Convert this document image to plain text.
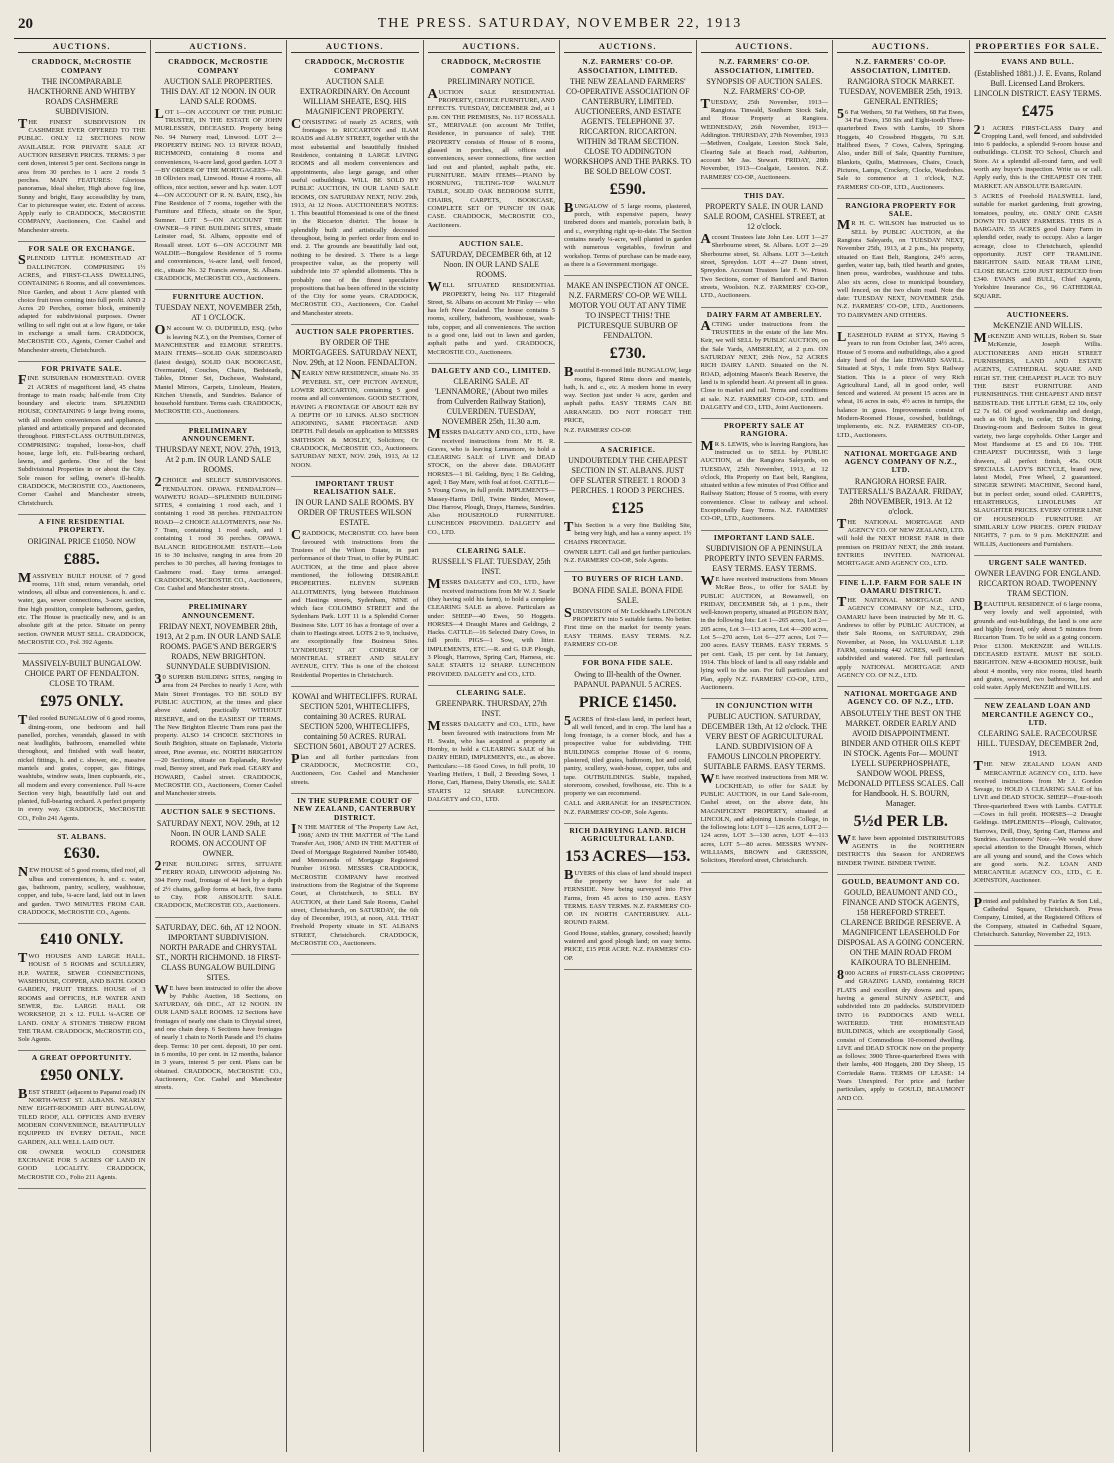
20	THE PRESS. SATURDAY, NOVEMBER 22, 1913
AUCTIONS.
CRADDOCK, McCROSTIE COMPANY
THE INCOMPARABLE HACKTHORNE AND WHITBY ROADS CASHMERE SUBDIVISION.

THE FINEST SUBDIVISION IN CASHMERE EVER OFFERED TO THE PUBLIC. ONLY 12 SECTIONS NOW AVAILABLE. FOR PRIVATE SALE AT AUCTION RESERVE PRICES. TERMS: 3 per cent down, interest 5 per cent. Sections range in area from 30 perches to 1 acre 2 roods 5 perches. MAIN FEATURES: Glorious panoramas, Ideal shelter, High above fog line, Sunny and bright, Easy accessibility by tram, Car to picturesque water, etc. Extent of access. Apply early to CRADDOCK, McCROSTIE COMPANY, Auctioneers, Cor. Cashel and Manchester streets.

FOR SALE OR EXCHANGE.

SPLENDID LITTLE HOMESTEAD AT DALLINGTON. COMPRISING 1½ ACRES, and FIRST-CLASS DWELLING, CONTAINING 6 Rooms, and all conveniences. Nice Garden, and about 1 Acre planted with choice fruit trees coming into full profit. AND 2 Acres 20 Perches, corner block, eminently adapted for subdivisional purposes. Owner willing to sell right out at a low figure, or take in exchange a small farm. CRADDOCK, McCROSTIE CO., Agents, Corner Cashel and Manchester streets, Christchurch.

FOR PRIVATE SALE.

FINE SUBURBAN HOMESTEAD. OVER 21 ACRES of magnificent land, 45 chains frontage to main roads; half-mile from City boundary and electric tram. SPLENDID HOUSE, CONTAINING 9 large living rooms, with all modern conveniences and appliances, planted and artistically prepared and decorated throughout. FIRST-CLASS OUTBUILDINGS, COMPRISING: trapshed, loose-box, chaff house, large loft, etc. Full-bearing orchard, lawns, and gardens. One of the best Subdivisional Properties in or about the City. Sole reason for selling, owner's ill-health. CRADDOCK, McCROSTIE CO., Auctioneers, Corner Cashel and Manchester streets, Christchurch.

A FINE RESIDENTIAL PROPERTY.
ORIGINAL PRICE £1050. NOW
£885.

MASSIVELY BUILT HOUSE of 7 good rooms, 11ft stud, return verandah, oriel windows, all ulbus and conveniences, h. and c. water, gas, sewer connections, 3-acre section, fine high position, complete bathroom, garden, etc. The House is practically new, and is an absolute gift at the price. Situate on penny section. OWNER MUST SELL. CRADDOCK, McCROSTIE CO., Fol. 392 Agents.

MASSIVELY-BUILT BUNGALOW. CHOICE PART OF FENDALTON. CLOSE TO TRAM.
£975 ONLY.

Tiled roofed BUNGALOW of 6 good rooms, dining-room, one bedroom and hall panelled, porches, verandah, glassed in with neat leadlights, bathroom, enamelled white throughout, and finished with wall heater, nickel fittings, h. and c. shower, etc., massive mantels and grates, copper, gas fittings, washtubs, window seats, linen cupboards, etc., all modern and every convenience. Full ¼-acre Section very high, beautifully laid out and planted, full-bearing orchard. A perfect property in every way. CRADDOCK, McCROSTIE CO., Folio 241 Agents.

ST. ALBANS.
£630.

NEW HOUSE of 5 good rooms, tiled roof, all ulbus and conveniences, h. and c. water, gas, bathroom, pantry, scullery, washhouse, copper, and tubs, ¼-acre land, laid out in lawn and garden. TWO MINUTES FROM CAR. CRADDOCK, McCROSTIE CO., Agents.

£410 ONLY.

TWO HOUSES AND LARGE HALL. HOUSE of 5 ROOMS and SCULLERY, H.P. WATER, SEWER CONNECTIONS, WASHHOUSE, COPPER, AND BATH. GOOD GARDEN, FRUIT TREES. HOUSE of 3 ROOMS and OFFICES, H.P. WATER AND SEWER, Etc. LARGE HALL OR WORKSHOP, 21 x 12. FULL ¼-ACRE OF LAND. ONLY A STONE'S THROW FROM THE TRAM. CRADDOCK, McCROSTIE CO., Sole Agents.

A GREAT OPPORTUNITY.
£950 ONLY.

BEST STREET (adjacent to Papanui road) IN NORTH-WEST ST. ALBANS. NEARLY NEW EIGHT-ROOMED ART BUNGALOW, TILED ROOF, ALL OFFICES AND EVERY MODERN CONVENIENCE, BEAUTIFULLY EQUIPPED IN EVERY DETAIL, NICE GARDEN, ALL WELL LAID OUT.

OR OWNER WOULD CONSIDER EXCHANGE FOR 5 ACRES OF LAND IN GOOD LOCALITY. CRADDOCK, McCROSTIE CO., Folio 211 Agents.

AUCTIONS.
CRADDOCK, McCROSTIE COMPANY
AUCTION SALE PROPERTIES. THIS DAY. AT 12 NOON. IN OUR LAND SALE ROOMS.

LOT 1—ON ACCOUNT OF THE PUBLIC TRUSTEE, IN THE ESTATE OF JOHN MURLESSEN, DECEASED. Property being No. 94 Nursery road, Linwood. LOT 2—PROPERTY BEING NO. 13 RIVER ROAD, RICHMOND, containing 8 rooms and conveniences, ¼-acre land, good garden. LOT 3—BY ORDER OF THE MORTGAGEES—No. 18 Olliviers road, Linwood. House 4 rooms, all offices, nice section, sewer and h.p. water. LOT 4—ON ACCOUNT OF R. N. BAIN, ESQ., his Fine Residence of 7 rooms, together with the Furniture and Effects, situate on the Spur, Sumner. LOT 5—ON ACCOUNT THE OWNER—9 FINE BUILDING SITES, situate Leinster road, St. Albans, opposite end of Rossall street. LOT 6—ON ACCOUNT MR WALDIE—Bungalow Residence of 5 rooms and conveniences, ¼-acre land, well fenced, etc., situate No. 32 Francis avenue, St. Albans. CRADDOCK, McCROSTIE CO., Auctioneers.

FURNITURE AUCTION.
TUESDAY NEXT, NOVEMBER 25th, AT 1 O'CLOCK.

ON account W. O. DUDFIELD, ESQ. (who is leaving N.Z.), on the Premises, Corner of MANCHESTER and ELMORE STREETS. MAIN ITEMS—SOLID OAK SIDEBOARD (latest design), SOLID OAK BOOKCASE, Overmantel, Couches, Chairs, Bedsteads, Tables, Dinner Set, Duchesse, Washstand, Mantel Mirrors, Carpets, Linoleum, Heaters, Kitchen Utensils, and Sundries. Balance of household furniture. Terms cash. CRADDOCK, McCROSTIE CO., Auctioneers.

PRELIMINARY ANNOUNCEMENT.
THURSDAY NEXT, NOV. 27th, 1913, At 2 p.m. IN OUR LAND SALE ROOMS.

2CHOICE and SELECT SUBDIVISIONS. FENDALTON. OPAWA. FENDALTON—WAIWETU ROAD—SPLENDID BUILDING SITES, 4 containing 1 rood each, and 1 containing 1 rood 38 perches. FENDALTON ROAD—2 CHOICE ALLOTMENTS, near No. 7 Tram, containing 1 rood each, and 1 containing 1 rood 36 perches. OPAWA. BALANCE RIDGEHOLME ESTATE—Lots 16 to 30 inclusive, ranging in area from 20 perches to 30 perches, all having frontages to Cashmere road. Easy terms arranged. CRADDOCK, McCROSTIE CO., Auctioneers, Cor. Cashel and Manchester streets.

PRELIMINARY ANNOUNCEMENT.
FRIDAY NEXT, NOVEMBER 28th, 1913, At 2 p.m. IN OUR LAND SALE ROOMS. PAGE'S AND BERGER'S ROADS, NEW BRIGHTON. SUNNYDALE SUBDIVISION.

30 SUPERB BUILDING SITES, ranging in area from 24 Perches to nearly 1 Acre, with Main Street Frontages. TO BE SOLD BY PUBLIC AUCTION, at the times and place above stated, practically WITHOUT RESERVE, and on the EASIEST OF TERMS. The New Brighton Electric Tram runs past the property. ALSO 14 CHOICE SECTIONS in South Brighton, situate on Esplanade, Victoria street, Pine avenue, etc. NORTH BRIGHTON—20 Sections, situate on Esplanade, Rowley road, Beresy street, and Park road. GEARY and HOWARD, Cashel street. CRADDOCK, McCROSTIE CO., Auctioneers, Corner Cashel and Manchester streets.

AUCTION SALE 9 SECTIONS.
SATURDAY NEXT, NOV. 29th, at 12 Noon. IN OUR LAND SALE ROOMS. ON ACCOUNT OF OWNER.

2FINE BUILDING SITES, SITUATE FERRY ROAD, LINWOOD adjoining No. 394 Ferry road, frontage of 44 feet by a depth of 2½ chains, gallop forms at back, five trams to City. FOR ABSOLUTE SALE. CRADDOCK, McCROSTIE CO., Auctioneers.

SATURDAY, DEC. 6th, AT 12 NOON. IMPORTANT SUBDIVISION. NORTH PARADE and CHRYSTAL ST., NORTH RICHMOND. 18 FIRST-CLASS BUNGALOW BUILDING SITES.

WE have been instructed to offer the above by Public Auction, 18 Sections, on SATURDAY, 6th DEC., AT 12 NOON. IN OUR LAND SALE ROOMS. 12 Sections have frontages of nearly one chain to Chrystal street, and one chain deep. 6 Sections have frontages of nearly 1 chain to North Parade and 1½ chains deep. Terms: 10 per cent. deposit, 10 per cent. in 6 months, 10 per cent. in 12 months, balance in 3 years, interest 5 per cent. Plans can be obtained. CRADDOCK, McCROSTIE CO., Auctioneers, Cor. Cashel and Manchester streets.

AUCTIONS.
CRADDOCK, McCROSTIE COMPANY
AUCTION SALE EXTRAORDINARY. On Account WILLIAM SHEATE, ESQ. HIS MAGNIFICENT PROPERTY.

CONSISTING of nearly 25 ACRES, with frontages to RICCARTON and ILAM ROADS and ALBY STREET, together with the most substantial and beautifully finished Residence, containing 8 LARGE LIVING ROOMS and all modern conveniences and appointments, also large garage, and other useful outbuildings. WILL BE SOLD BY PUBLIC AUCTION, IN OUR LAND SALE ROOMS, ON SATURDAY NEXT, NOV. 29th, 1913, At 12 Noon. AUCTIONEER'S NOTES: 1. This beautiful Homestead is one of the finest in the Riccarton district. The house is splendidly built and artistically decorated throughout, being in perfect order from end to end. 2. The grounds are beautifully laid out, nothing to be desired. 3. There is a large prospective value, as the property will subdivide into 37 splendid allotments. This is probably one of the finest speculative propositions that has been offered in the vicinity of the City for some years. CRADDOCK, McCROSTIE CO., Auctioneers, Cor. Cashel and Manchester streets.

AUCTION SALE PROPERTIES.
BY ORDER OF THE MORTGAGEES. SATURDAY NEXT, Nov. 29th, at 12 Noon. FENDALTON.

NEARLY NEW RESIDENCE, situate No. 35 PEVEREL ST., OFF PICTON AVENUE, LOWER RICCARTON, containing 5 good rooms and all conveniences. GOOD SECTION, HAVING A FRONTAGE OF ABOUT 82ft BY A DEPTH OF 10 LINKS. ALSO SECTION ADJOINING, SAME FRONTAGE AND DEPTH. Full details on application to MESSRS SMITHSON & MOSLEY, Solicitors; Or CRADDOCK, McCROSTIE CO., Auctioneers. SATURDAY NEXT, NOV. 29th, 1913, At 12 NOON.

IMPORTANT TRUST REALISATION SALE.
IN OUR LAND SALE ROOMS. BY ORDER OF TRUSTEES WILSON ESTATE.

CRADDOCK, McCROSTIE CO. have been favoured with instructions from the Trustees of the Wilson Estate, in part performance of their Trust, to offer by PUBLIC AUCTION, at the time and place above mentioned, the following DESIRABLE PROPERTIES. ELEVEN SUPERB ALLOTMENTS, lying between Hutchinson and Hastings streets, Sydenham, NINE of which face COLOMBO STREET and the Sydenham Park. LOT 11 is a Splendid Corner Business Site. LOT 16 has a frontage of over a chain to Hastings street. LOTS 2 to 9, inclusive, are exceptionally fine Business Sites. 'LYNDHURST,' AT CORNER OF MONTREAL STREET AND SEALEY AVENUE, CITY. This is one of the choicest Residential Properties in Christchurch.

KOWAI and WHITECLIFFS. RURAL SECTION 5201, WHITECLIFFS, containing 30 ACRES. RURAL SECTION 5200, WHITECLIFFS, containing 50 ACRES. RURAL SECTION 5601, ABOUT 27 ACRES.

Plan and all further particulars from CRADDOCK, McCROSTIE CO., Auctioneers, Cor. Cashel and Manchester streets.

IN THE SUPREME COURT OF NEW ZEALAND, CANTERBURY DISTRICT.

IN THE MATTER of 'The Property Law Act, 1908,' AND IN THE MATTER of 'The Land Transfer Act, 1908,' AND IN THE MATTER of Deed of Mortgage Registered Number 105480, and Memoranda of Mortgage Registered Number 161960. MESSRS CRADDOCK, McCROSTIE COMPANY have received instructions from the Registrar of the Supreme Court, at Christchurch, to SELL BY AUCTION, at their Land Sale Rooms, Cashel street, Christchurch, on SATURDAY, the 6th day of December, 1913, at noon, ALL THAT Freehold Property situate in ST. ALBANS STREET, Christchurch. CRADDOCK, McCROSTIE CO., Auctioneers.

AUCTIONS.
CRADDOCK, McCROSTIE COMPANY
PRELIMINARY NOTICE.

AUCTION SALE RESIDENTIAL PROPERTY, CHOICE FURNITURE, AND EFFECTS. TUESDAY, DECEMBER 2nd, at 1 p.m. ON THE PREMISES, No. 117 ROSSALL ST., MERIVALE (on account Mr Triffet, Residence, in pursuance of sale). THE PROPERTY consists of House of 8 rooms, glassed in porches, all offices and conveniences, sewer connections, fine section laid out and planted, asphalt paths, etc. FURNITURE. MAIN ITEMS—PIANO by HORNUNG, TILTING-TOP WALNUT TABLE, SOLID OAK BEDROOM SUITE, CHAIRS, CARPETS, BOOKCASE, COMPLETE SET OF 'PUNCH' IN OAK CASE. CRADDOCK, McCROSTIE CO., Auctioneers.

AUCTION SALE.
SATURDAY, DECEMBER 6th, at 12 Noon. IN OUR LAND SALE ROOMS.

WELL SITUATED RESIDENTIAL PROPERTY, being No. 117 Fitzgerald Street, St. Albans on account Mr Finlay — who has left New Zealand. The house contains 5 rooms, scullery, bathroom, washhouse, wash-tubs, copper, and all conveniences. The section is a good one, laid out in lawn and garden, asphalt paths and yard. CRADDOCK, McCROSTIE CO., Auctioneers.

DALGETY AND CO., LIMITED.
CLEARING SALE. AT 'LENNAMORE,' (About two miles from Culverden Railway Station), CULVERDEN. TUESDAY, NOVEMBER 25th, 11.30 a.m.

MESSRS DALGETY AND CO., LTD., have received instructions from Mr H. R. Graves, who is leaving Lennamore, to hold a CLEARING SALE of LIVE and DEAD STOCK, on the above date. DRAUGHT HORSES—1 Bl. Gelding, 8yrs; 1 Br. Gelding, aged; 1 Bay Mare, with foal at foot. CATTLE—5 Young Cows, in full profit. IMPLEMENTS—Massey-Harris Drill, Twine Binder, Mower, Disc Harrow, Plough, Drays, Harness, Sundries. Also HOUSEHOLD FURNITURE. LUNCHEON PROVIDED. DALGETY and CO., LTD.

CLEARING SALE.
RUSSELL'S FLAT. TUESDAY, 25th INST.

MESSRS DALGETY and CO., LTD., have received instructions from Mr W. J. Searle (they having sold his farm), to hold a complete CLEARING SALE as above. Particulars as under: SHEEP—40 Ewes, 50 Hoggets. HORSES—4 Draught Mares and Geldings, 2 Hacks. CATTLE—16 Selected Dairy Cows, in full profit. PIGS—1 Sow, with litter. IMPLEMENTS, ETC.—R. and G. D.P. Plough, 3 Plough, Harrows, Spring Cart, Harness, etc. SALE STARTS 12 SHARP. LUNCHEON PROVIDED. DALGETY and CO., LTD.

CLEARING SALE.
GREENPARK. THURSDAY, 27th INST.

MESSRS DALGETY and CO., LTD., have been favoured with instructions from Mr H. Swain, who has acquired a property at Hornby, to hold a CLEARING SALE of his DAIRY HERD, IMPLEMENTS, etc., as above. Particulars:—18 Good Cows, in full profit, 10 Yearling Heifers, 1 Bull, 2 Breeding Sows, 1 Horse, Cart, Harness, Dairy Utensils, etc. SALE STARTS 12 SHARP. LUNCHEON. DALGETY and CO., LTD.

AUCTIONS.
N.Z. FARMERS' CO-OP. ASSOCIATION, LIMITED.
THE NEW ZEALAND FARMERS' CO-OPERATIVE ASSOCIATION OF CANTERBURY, LIMITED. AUCTIONEERS, AND ESTATE AGENTS. TELEPHONE 37. RICCARTON. RICCARTON. WITHIN 3d TRAM SECTION. CLOSE TO ADDINGTON WORKSHOPS AND THE PARKS. TO BE SOLD BELOW COST.
£590.

BUNGALOW of 5 large rooms, plastered, porch, with expensive papers, heavy timbered doors and mantels, porcelain bath, h and c., everything right up-to-date. The Section contains nearly ¼-acre, well planted in garden with numerous vegetables, fowlrun and workshop. Terms of purchase can be made easy, as there is a Government mortgage.

MAKE AN INSPECTION AT ONCE. N.Z. FARMERS' CO-OP. WE WILL MOTOR YOU OUT AT ANY TIME TO INSPECT THIS! THE PICTURESQUE SUBURB OF FENDALTON.
£730.

Beautiful 8-roomed little BUNGALOW, large rooms, figured Rimu doors and mantels, bath, h. and c., etc. A modern home in every way. Section just under ¼ acre, garden and asphalt paths. EASY TERMS CAN BE ARRANGED. DO NOT FORGET THE PRICE,

N.Z. FARMERS' CO-OP.

A SACRIFICE.
UNDOUBTEDLY THE CHEAPEST SECTION IN ST. ALBANS. JUST OFF SLATER STREET. 1 ROOD 3 PERCHES. 1 ROOD 3 PERCHES.
£125

This Section is a very fine Building Site, being very high, and has a sunny aspect. 1½ CHAINS FRONTAGE.

OWNER LEFT. Call and get further particulars. N.Z. FARMERS' CO-OP., Sole Agents.

TO BUYERS OF RICH LAND.
BONA FIDE SALE. BONA FIDE SALE.

SUBDIVISION of Mr Lockhead's LINCOLN PROPERTY into 5 suitable farms. No better. First time on the market for twenty years. EASY TERMS. EASY TERMS. N.Z. FARMERS' CO-OP.

FOR BONA FIDE SALE.
Owing to Ill-health of the Owner. PAPANUI. PAPANUI. 5 ACRES.
PRICE £1450.

5ACRES of first-class land, in perfect heart, all well fenced, and in crop. The land has a long frontage, is a corner block, and has a prospective value for subdividing. THE BUILDINGS comprise House of 6 rooms, plastered, tiled grates, bathroom, hot and cold, pantry, scullery, wash-house, copper, tubs and tape. OUTBUILDINGS. Stable, trapshed, storeroom, cowshed, fowlhouse, etc. This is a property we can recommend.

CALL and ARRANGE for an INSPECTION. N.Z. FARMERS' CO-OP., Sole Agents.

RICH DAIRYING LAND. RICH AGRICULTURAL LAND.
153 ACRES—153.

BUYERS of this class of land should inspect the property we have for sale at FERNSIDE. Now being surveyed into Five Farms, from 45 acres to 150 acres. EASY TERMS. EASY TERMS. N.Z. FARMERS' CO-OP. IN NORTH CANTERBURY. ALL-ROUND FARM.

Good House, stables, granary, cowshed; heavily watered and good plough land; on easy terms. PRICE, £15 PER ACRE. N.Z. FARMERS' CO-OP.

AUCTIONS.
N.Z. FARMERS' CO-OP. ASSOCIATION, LIMITED.
SYNOPSIS OF AUCTION SALES. N.Z. FARMERS' CO-OP.

TUESDAY, 25th November, 1913—Rangiora. Tinwald, Southern Stock Sale, and House Property at Rangiora. WEDNESDAY, 26th November, 1913—Addington. THURSDAY, 27th November, 1913—Methven, Coalgate, Leeston Stock Sale, Clearing Sale at Beach road, Ashburton, account Mr Jas. Stewart. FRIDAY, 28th November, 1913—Coalgate, Leeston. N.Z. FARMERS' CO-OP., Auctioneers.

THIS DAY.
PROPERTY SALE. IN OUR LAND SALE ROOM, CASHEL STREET, at 12 o'clock.

Account Trustees late John Lee. LOT 1—27 Sherbourne street, St. Albans. LOT 2—29 Sherbourne street, St. Albans. LOT 3—Leitch street, Spreydon. LOT 4—27 Dunn street, Spreydon. Account Trustees late F. W. Priest. Two Sections, corner of Bamford and Barton streets, Woolston. N.Z. FARMERS' CO-OP., LTD., Auctioneers.

DAIRY FARM AT AMBERLEY.

ACTING under instructions from the TRUSTEES in the estate of the late Mrs. Keir, we will SELL by PUBLIC AUCTION, on the Sale Yards, AMBERLEY, at 2 p.m. ON SATURDAY NEXT, 29th Nov., 52 ACRES RICH DAIRY LAND. Situated on the N. ROAD, adjoining Mason's Beach Reserve, the land is in splendid heart. At present all in grass. Close to market and rail. Terms and conditions at sale. N.Z. FARMERS' CO-OP., LTD. and DALGETY and CO., LTD., Joint Auctioneers.

PROPERTY SALE AT RANGIORA.

MR S. LEWIS, who is leaving Rangiora, has instructed us to SELL by PUBLIC AUCTION, at the Rangiora Saleyards, on TUESDAY, 25th November, 1913, at 12 o'clock, His Property on East belt, Rangiora, situated within a few minutes of Post Office and Railway Station; House of 5 rooms, with every convenience. Close to railway and school. Exceptionally Easy Terms. N.Z. FARMERS' CO-OP., LTD., Auctioneers.

IMPORTANT LAND SALE.
SUBDIVISION OF A PENINSULA PROPERTY INTO SEVEN FARMS. EASY TERMS. EASY TERMS.

WE have received instructions from Messrs McRae Bros., to offer for SALE by PUBLIC AUCTION, at Rowanwell, on FRIDAY, DECEMBER 5th, at 1 p.m., their well-known property, situated at PIGEON BAY, in the following lots: Lot 1—265 acres, Lot 2—205 acres, Lot 3—113 acres, Lot 4—200 acres, Lot 5—270 acres, Lot 6—277 acres, Lot 7—200 acres. EASY TERMS. EASY TERMS. 5 per cent. Cash, 15 per cent. by 1st January, 1914. This block of land is all easy ridable and lying well to the sun. For full particulars and Plan, apply N.Z. FARMERS' CO-OP., LTD., Auctioneers.

IN CONJUNCTION WITH
PUBLIC AUCTION. SATURDAY, DECEMBER 13th, At 12 o'clock. THE VERY BEST OF AGRICULTURAL LAND. SUBDIVISION OF A FAMOUS LINCOLN PROPERTY. SUITABLE FARMS. EASY TERMS.

WE have received instructions from MR W. LOCKHEAD, to offer for SALE by PUBLIC AUCTION, in our Land Sale-room, Cashel street, on the above date, his MAGNIFICENT PROPERTY, situated at LINCOLN, and adjoining Lincoln College, in the following lots: LOT 1—126 acres, LOT 2—124 acres, LOT 3—130 acres, LOT 4—113 acres, LOT 5—80 acres. MESSRS WYNN-WILLIAMS, BROWN and GRESSON, Solicitors, Hereford street, Christchurch.

AUCTIONS.
N.Z. FARMERS' CO-OP. ASSOCIATION, LIMITED.
RANGIORA STOCK MARKET. TUESDAY, NOVEMBER 25th, 1913. GENERAL ENTRIES;

56 Fat Wethers, 50 Fat Wethers, 68 Fat Ewes, 34 Fat Ewes, 150 Six and Eight-tooth Three-quarterbred Ewes with Lambs, 19 Shorn Hoggets, 40 Crossbred Hoggets, 70 S.H. Halfbred Ewes, 7 Cows, Calves, Springing. Also, under Bill of Sale, Quantity Furniture, Blankets, Quilts, Mattresses, Chairs, Couch, Pictures, Lamps, Crockery, Clocks, Wardrobes. Sale to commence at 1 o'clock, N.Z. FARMERS' CO-OP., LTD., Auctioneers.

RANGIORA PROPERTY FOR SALE.

MR H. C. WILSON has instructed us to SELL by PUBLIC AUCTION, at the Rangiora Saleyards, on TUESDAY NEXT, November 25th, 1913, at 2 p.m., his property, situated on East Belt, Rangiora, 24½ acres, garden, water tap, bath, tiled hearth and grates, linen press, wardrobes, washhouse and tubs. Also six acres, close to municipal boundary, well fenced, on the two chain road. Note the date: TUESDAY NEXT, NOVEMBER 25th. N.Z. FARMERS' CO-OP., LTD., Auctioneers. TO DAIRYMEN AND OTHERS.

LEASEHOLD FARM at STYX, Having 5 years to run from October last, 34½ acres, House of 5 rooms and outbuildings, also a good dairy herd of the late EDWARD SAVILL. Situated at Styx, 1 mile from Styx Railway Station. This is a piece of very Rich Agricultural Land, all in good order, well fenced and watered. At present 15 acres are in wheat, 16 acres in oats, 4½ acres in turnips, the balance in grass. Improvements consist of Modern-Roomed House, cowshed, buildings, implements, etc. N.Z. FARMERS' CO-OP., LTD., Auctioneers.

NATIONAL MORTGAGE AND AGENCY COMPANY OF N.Z., LTD.
RANGIORA HORSE FAIR. TATTERSALL'S BAZAAR. FRIDAY, 28th NOVEMBER, 1913. At 12 o'clock.

THE NATIONAL MORTGAGE AND AGENCY CO. OF NEW ZEALAND, LTD. will hold the NEXT HORSE FAIR in their premises on FRIDAY NEXT, the 28th instant. ENTRIES INVITED. NATIONAL MORTGAGE AND AGENCY CO., LTD.

FINE L.I.P. FARM FOR SALE IN OAMARU DISTRICT.

THE NATIONAL MORTGAGE AND AGENCY COMPANY OF N.Z., LTD., OAMARU have been instructed by Mr H. G. Andrews to offer by PUBLIC AUCTION, at their Sale Rooms, on SATURDAY, 29th November, at Noon, his VALUABLE L.I.P. FARM, containing 442 ACRES, well fenced, subdivided and watered. For full particulars apply NATIONAL MORTGAGE AND AGENCY CO. OF N.Z., LTD.

NATIONAL MORTGAGE AND AGENCY CO. OF N.Z., LTD.
ABSOLUTELY THE BEST ON THE MARKET. ORDER EARLY AND AVOID DISAPPOINTMENT. BINDER AND OTHER OILS KEPT IN STOCK. Agents For— MOUNT LYELL SUPERPHOSPHATE, SANDOW WOOL PRESS, McDONALD PITLESS SCALES. Call for Handbook. H. S. BOURN, Manager.
5½d PER LB.

WE have been appointed DISTRIBUTORS AGENTS in the NORTHERN DISTRICTS this Season for ANDREWS BINDER TWINE. BINDER TWINE.

GOULD, BEAUMONT AND CO.
GOULD, BEAUMONT AND CO., FINANCE AND STOCK AGENTS, 158 HEREFORD STREET. CLARENCE BRIDGE RESERVE. A MAGNIFICENT LEASEHOLD For DISPOSAL AS A GOING CONCERN. ON THE MAIN ROAD FROM KAIKOURA TO BLENHEIM.

8000 ACRES of FIRST-CLASS CROPPING and GRAZING LAND, containing RICH FLATS and excellent dry downs and spurs, having a general SUNNY ASPECT, and subdivided into 20 paddocks. SUBDIVIDED INTO 16 PADDOCKS AND WELL WATERED. THE HOMESTEAD BUILDINGS, which are exceptionally Good, consist of Commodious 10-roomed dwelling. LIVE and DEAD STOCK now on the property as follows: 3900 Three-quarterbred Ewes with their lambs, 400 Hoggets, 280 Dry Sheep, 15 Corriedale Rams. TERMS OF LEASE: 14 Years Unexpired. For price and further particulars, apply to GOULD, BEAUMONT AND CO.

PROPERTIES FOR SALE.
EVANS AND BULL.
(Established 1881.) J. E. Evans, Roland Bull. Licensed Land Brokers. LINCOLN DISTRICT. EASY TERMS.
£475

21 ACRES FIRST-CLASS Dairy and Cropping Land, well fenced, and subdivided into 6 paddocks, a splendid 9-room house and outbuildings. CLOSE TO School, Church and Store. At a splendid all-round farm, and well worth any buyer's inspection. Write us or call. Apply early, this is the CHEAPEST ON THE MARKET. AN ABSOLUTE BARGAIN.

3 ACRES of Freehold HALSWELL land, suitable for market gardening, fruit growing, tomatoes, poultry, etc. ONLY ONE CASH DOWN TO DAIRY FARMERS. THIS IS A BARGAIN. 55 ACRES good Dairy Farm in splendid order, ready to occupy. Also a larger acreage, close to Christchurch, splendid opportunity. JUST OFF TRAMLINE. BRIGHTON SAID. NEAR TRAM LINE, CLOSE BEACH. £290 JUST REDUCED from £340. EVANS and BULL, Chief Agents, Yorkshire Insurance Co., 96 CATHEDRAL SQUARE.

AUCTIONEERS.
McKENZIE AND WILLIS.

McKENZIE AND WILLIS, Robert St. Stair McKenzie, Joseph Willis. AUCTIONEERS AND HIGH STREET FURNISHERS, LAND AND ESTATE AGENTS, CATHEDRAL SQUARE AND HIGH ST. THE CHEAPEST PLACE TO BUY THE BEST FURNITURE AND FURNISHINGS. THE CHEAPEST AND BEST BEDSTEAD. THE LITTLE GEM, £2 10s, only £2 7s 6d. Of good workmanship and design, such as 6ft high, in cedar, £8 10s. Dining, Drawing-room and Bedroom Suites in great variety, two large copyholds. Other Larger and Most Handsome at £5 and £6 10s. THE CHEAPEST DUCHESSE, With 3 large drawers, all perfect finish, 45s. OUR SPECIALS. LADY'S BICYCLE, brand new, latest Model, Free Wheel, 2 guaranteed. SINGER SEWING MACHINE, Second hand, but in perfect order, sound oiled. CARPETS, HEARTHRUGS, LINOLEUMS AT SLAUGHTER PRICES. EVERY OTHER LINE OF HOUSEHOLD FURNITURE AT SIMILARLY LOW PRICES. OPEN FRIDAY NIGHTS, 7 p.m. to 9 p.m. McKENZIE and WILLIS, Auctioneers and Furnishers.

URGENT SALE WANTED.
OWNER LEAVING FOR ENGLAND. RICCARTON ROAD. TWOPENNY TRAM SECTION.

BEAUTIFUL RESIDENCE of 6 large rooms, very lovely and well appointed, with grounds and out-buildings, the land is one acre and highly fenced, only about 5 minutes from Riccarton Tram. To be sold as a going concern. Price £1300. McKENZIE and WILLIS. DECEASED ESTATE. MUST BE SOLD. BRIGHTON. NEW 4-ROOMED HOUSE, built about 4 months, very nice rooms, tiled hearth and grates, sewered, two bathrooms, hot and cold water. Apply McKENZIE and WILLIS.

NEW ZEALAND LOAN AND MERCANTILE AGENCY CO., LTD.
CLEARING SALE. RACECOURSE HILL. TUESDAY, DECEMBER 2nd, 1913.

THE NEW ZEALAND LOAN AND MERCANTILE AGENCY CO., LTD. have received instructions from Mr J. Gordon Savage, to HOLD A CLEARING SALE of his LIVE and DEAD STOCK. SHEEP—Four-tooth Three-quarterbred Ewes with Lambs. CATTLE—Cows in full profit. HORSES—2 Draught Geldings. IMPLEMENTS—Plough, Cultivator, Harrows, Drill, Dray, Spring Cart, Harness and Sundries. Auctioneers' Note.—We would draw special attention to the Draught Horses, which are all young and sound, and the Cows which are good sorts. N.Z. LOAN AND MERCANTILE AGENCY CO., LTD., C. E. JOHNSTON, Auctioneer.

Printed and published by Fairfax & Son Ltd., Cathedral Square, Christchurch. Press Company, Limited, at the Registered Offices of the Company, situated in Cathedral Square, Christchurch. Saturday, November 22, 1913.
